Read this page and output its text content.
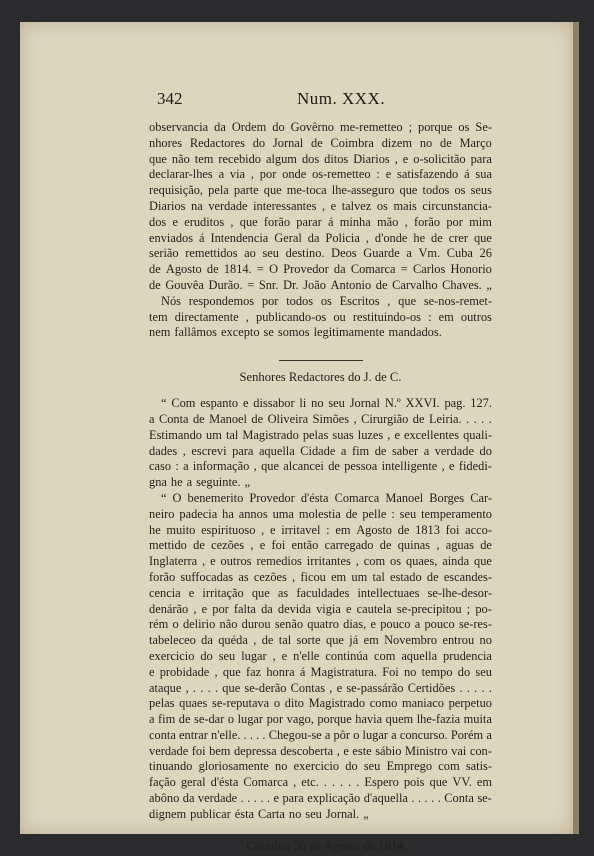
342	Num. XXX.
observancia da Ordem do Govêrno me-remetteo ; porque os Se-
nhores Redactores do Jornal de Coimbra dizem no de Março
que não tem recebido algum dos ditos Diarios , e o-solicitão para
declarar-lhes a via , por onde os-remetteo : e satisfazendo á sua
requisição, pela parte que me-toca lhe-asseguro que todos os seus
Diarios na verdade interessantes , e talvez os mais circunstancia-
dos e eruditos , que forão parar á minha mão , forão por mim
enviados á Intendencia Geral da Policia , d'onde he de crer que
serião remettidos ao seu destino. Deos Guarde a Vm. Cuba 26
de Agosto de 1814. = O Provedor da Comarca = Carlos Honorio
de Gouvêa Durão. = Snr. Dr. João Antonio de Carvalho Chaves. „
Nós respondemos por todos os Escritos , que se-nos-remet-
tem directamente , publicando-os ou restituindo-os : em outros
nem fallâmos excepto se somos legitimamente mandados.
Senhores Redactores do J. de C.
“ Com espanto e dissabor li no seu Jornal N.º XXVI. pag. 127.
a Conta de Manoel de Oliveira Simões , Cirurgião de Leiria. . . . .
Estimando um tal Magistrado pelas suas luzes , e excellentes quali-
dades , escrevi para aquella Cidade a fim de saber a verdade do
caso : a informação , que alcancei de pessoa intelligente , e fidedi-
gna he a seguinte. „
“ O benemerito Provedor d'ésta Comarca Manoel Borges Car-
neiro padecia ha annos uma molestia de pelle : seu temperamento
he muito espirituoso , e irritavel : em Agosto de 1813 foi acco-
mettido de cezões , e foi então carregado de quinas , aguas de
Inglaterra , e outros remedios irritantes , com os quaes, ainda que
forão suffocadas as cezões , ficou em um tal estado de escandes-
cencia e irritação que as faculdades intellectuaes se-lhe-desor-
denárão , e por falta da devida vigia e cautela se-precipitou ; po-
rém o delirio não durou senão quatro dias, e pouco a pouco se-res-
tabeleceo da quéda , de tal sorte que já em Novembro entrou no
exercicio do seu lugar , e n'elle continúa com aquella prudencia
e probidade , que faz honra á Magistratura. Foi no tempo do seu
ataque , . . . . que se-derão Contas , e se-passárão Certidões . . . . .
pelas quaes se-reputava o dito Magistrado como maniaco perpetuo
a fim de se-dar o lugar por vago, porque havia quem lhe-fazia muita
conta entrar n'elle. . . . . Chegou-se a pôr o lugar a concurso. Porém a
verdade foi bem depressa descoberta , e este sábio Ministro vai con-
tinuando gloriosamente no exercicio do seu Emprego com satis-
fação geral d'ésta Comarca , etc. . . . . . Espero pois que VV. em
abôno da verdade . . . . . e para explicação d'aquella . . . . . Conta se-
dignem publicar ésta Carta no seu Jornal. „
Coimbra 30 de Agosto de 1814.
